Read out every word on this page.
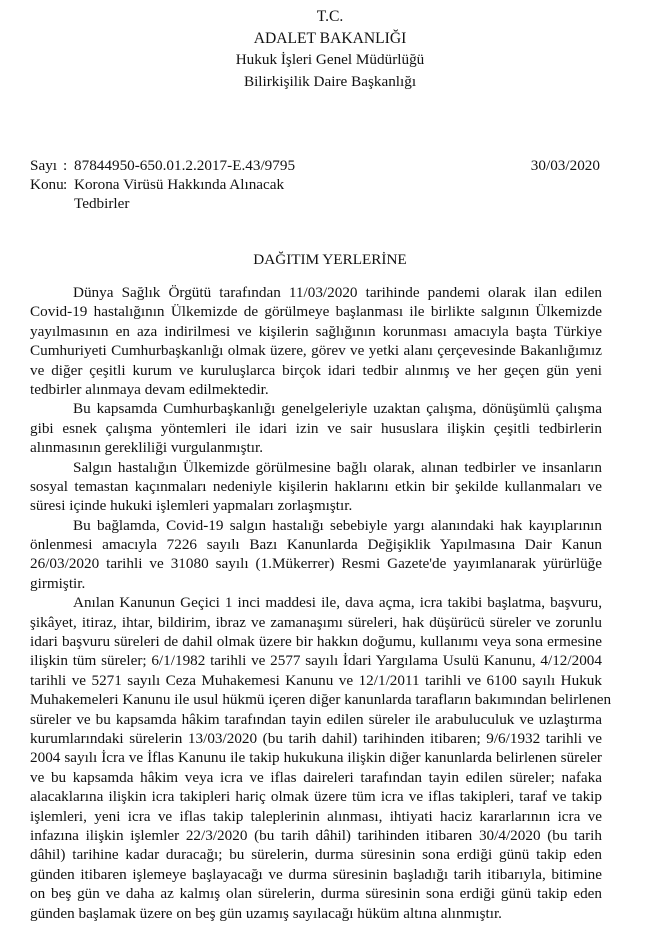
T.C.
ADALET BAKANLIĞI
Hukuk İşleri Genel Müdürlüğü
Bilirkişilik Daire Başkanlığı
Sayı : 87844950-650.01.2.2017-E.43/9795	30/03/2020
Konu : Korona Virüsü Hakkında Alınacak
Tedbirler
DAĞITIM YERLERİNE
Dünya Sağlık Örgütü tarafından 11/03/2020 tarihinde pandemi olarak ilan edilen
Covid-19 hastalığının Ülkemizde de görülmeye başlanması ile birlikte salgının Ülkemizde
yayılmasının en aza indirilmesi ve kişilerin sağlığının korunması amacıyla başta Türkiye
Cumhuriyeti Cumhurbaşkanlığı olmak üzere, görev ve yetki alanı çerçevesinde Bakanlığımız
ve diğer çeşitli kurum ve kuruluşlarca birçok idari tedbir alınmış ve her geçen gün yeni
tedbirler alınmaya devam edilmektedir.
Bu kapsamda Cumhurbaşkanlığı genelgeleriyle uzaktan çalışma, dönüşümlü çalışma
gibi esnek çalışma yöntemleri ile idari izin ve sair hususlara ilişkin çeşitli tedbirlerin
alınmasının gerekliliği vurgulanmıştır.
Salgın hastalığın Ülkemizde görülmesine bağlı olarak, alınan tedbirler ve insanların
sosyal temastan kaçınmaları nedeniyle kişilerin haklarını etkin bir şekilde kullanmaları ve
süresi içinde hukuki işlemleri yapmaları zorlaşmıştır.
Bu bağlamda, Covid-19 salgın hastalığı sebebiyle yargı alanındaki hak kayıplarının
önlenmesi amacıyla 7226 sayılı Bazı Kanunlarda Değişiklik Yapılmasına Dair Kanun
26/03/2020 tarihli ve 31080 sayılı (1.Mükerrer) Resmi Gazete'de yayımlanarak yürürlüğe
girmiştir.
Anılan Kanunun Geçici 1 inci maddesi ile, dava açma, icra takibi başlatma, başvuru,
şikâyet, itiraz, ihtar, bildirim, ibraz ve zamanaşımı süreleri, hak düşürücü süreler ve zorunlu
idari başvuru süreleri de dahil olmak üzere bir hakkın doğumu, kullanımı veya sona ermesine
ilişkin tüm süreler; 6/1/1982 tarihli ve 2577 sayılı İdari Yargılama Usulü Kanunu, 4/12/2004
tarihli ve 5271 sayılı Ceza Muhakemesi Kanunu ve 12/1/2011 tarihli ve 6100 sayılı Hukuk
Muhakemeleri Kanunu ile usul hükmü içeren diğer kanunlarda tarafların bakımından belirlenen
süreler ve bu kapsamda hâkim tarafından tayin edilen süreler ile arabuluculuk ve uzlaştırma
kurumlarındaki sürelerin 13/03/2020 (bu tarih dahil) tarihinden itibaren; 9/6/1932 tarihli ve
2004 sayılı İcra ve İflas Kanunu ile takip hukukuna ilişkin diğer kanunlarda belirlenen süreler
ve bu kapsamda hâkim veya icra ve iflas daireleri tarafından tayin edilen süreler; nafaka
alacaklarına ilişkin icra takipleri hariç olmak üzere tüm icra ve iflas takipleri, taraf ve takip
işlemleri, yeni icra ve iflas takip taleplerinin alınması, ihtiyati haciz kararlarının icra ve
infazına ilişkin işlemler 22/3/2020 (bu tarih dâhil) tarihinden itibaren 30/4/2020 (bu tarih
dâhil) tarihine kadar duracağı; bu sürelerin, durma süresinin sona erdiği günü takip eden
günden itibaren işlemeye başlayacağı ve durma süresinin başladığı tarih itibarıyla, bitimine
on beş gün ve daha az kalmış olan sürelerin, durma süresinin sona erdiği günü takip eden
günden başlamak üzere on beş gün uzamış sayılacağı hüküm altına alınmıştır.
